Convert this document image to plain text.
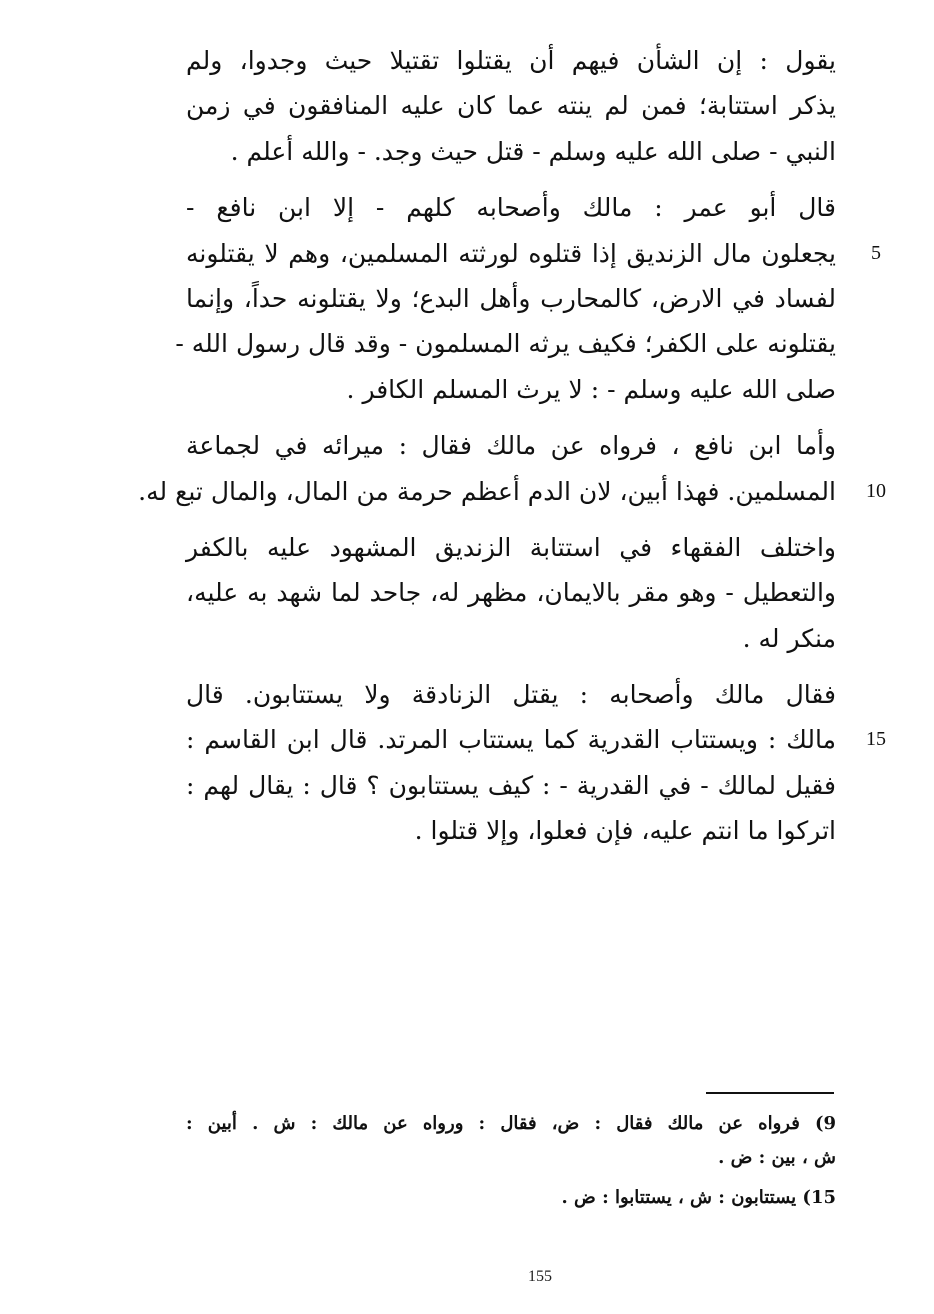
يقول : إن الشأن فيهم أن يقتلوا تقتيلا حيث وجدوا، ولم
يذكر استتابة؛ فمن لم ينته عما كان عليه المنافقون في زمن
النبي - صلى الله عليه وسلم - قتل حيث وجد. - والله أعلم .
قال أبو عمر : مالك وأصحابه كلهم - إلا ابن نافع -
يجعلون مال الزنديق إذا قتلوه لورثته المسلمين، وهم لا يقتلونه	5
لفساد في الارض، كالمحارب وأهل البدع؛ ولا يقتلونه حداً، وإنما
يقتلونه على الكفر؛ فكيف يرثه المسلمون - وقد قال رسول الله -
صلى الله عليه وسلم - : لا يرث المسلم الكافر .
وأما ابن نافع ، فرواه عن مالك فقال : ميرائه في لجماعة
المسلمين. فهذا أبين، لان الدم أعظم حرمة من المال، والمال تبع له.	10
واختلف الفقهاء في استتابة الزنديق المشهود عليه بالكفر
والتعطيل - وهو مقر بالايمان، مظهر له، جاحد لما شهد به عليه،
منكر له .
فقال مالك وأصحابه : يقتل الزنادقة ولا يستتابون. قال
مالك : ويستتاب القدرية كما يستتاب المرتد. قال ابن القاسم :	15
فقيل لمالك - في القدرية - : كيف يستتابون ؟ قال : يقال لهم :
اتركوا ما انتم عليه، فإن فعلوا، وإلا قتلوا .
9) فرواه عن مالك فقال : ض، فقال : ورواه عن مالك : ش . أبين :
ش ، بين : ض .
15) يستتابون : ش ، يستتابوا : ض .
155
